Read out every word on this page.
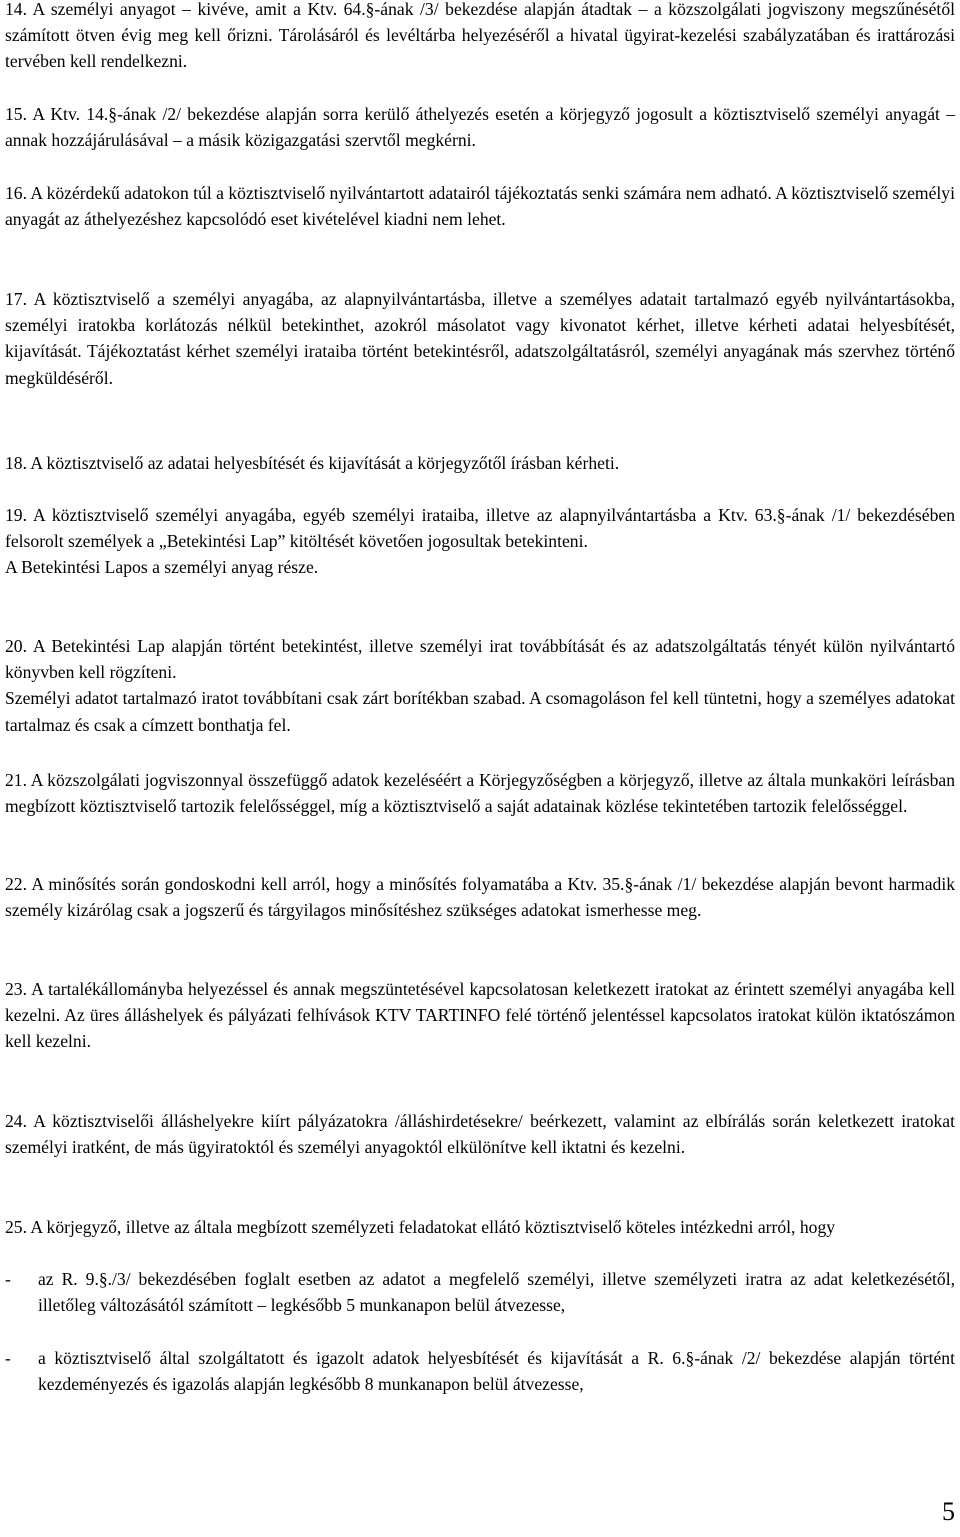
14. A személyi anyagot – kivéve, amit a Ktv. 64.§-ának /3/ bekezdése alapján átadtak – a közszolgálati jogviszony megszűnésétől számított ötven évig meg kell őrizni. Tárolásáról és levéltárba helyezéséről a hivatal ügyirat-kezelési szabályzatában és irattározási tervében kell rendelkezni.

15. A Ktv. 14.§-ának /2/ bekezdése alapján sorra kerülő áthelyezés esetén a körjegyző jogosult a köztisztviselő személyi anyagát – annak hozzájárulásával – a másik közigazgatási szervtől megkérni.

16. A közérdekű adatokon túl a köztisztviselő nyilvántartott adatairól tájékoztatás senki számára nem adható. A köztisztviselő személyi anyagát az áthelyezéshez kapcsolódó eset kivételével kiadni nem lehet.

17. A köztisztviselő a személyi anyagába, az alapnyilvántartásba, illetve a személyes adatait tartalmazó egyéb nyilvántartásokba, személyi iratokba korlátozás nélkül betekinthet, azokról másolatot vagy kivonatot kérhet, illetve kérheti adatai helyesbítését, kijavítását. Tájékoztatást kérhet személyi irataiba történt betekintésről, adatszolgáltatásról, személyi anyagának más szervhez történő megküldéséről.

18. A köztisztviselő az adatai helyesbítését és kijavítását a körjegyzőtől írásban kérheti.

19. A köztisztviselő személyi anyagába, egyéb személyi irataiba, illetve az alapnyilvántartásba a Ktv. 63.§-ának /1/ bekezdésében felsorolt személyek a „Betekintési Lap” kitöltését követően jogosultak betekinteni.

A Betekintési Lapos a személyi anyag része.

20. A Betekintési Lap alapján történt betekintést, illetve személyi irat továbbítását és az adatszolgáltatás tényét külön nyilvántartó könyvben kell rögzíteni.

Személyi adatot tartalmazó iratot továbbítani csak zárt borítékban szabad. A csomagoláson fel kell tüntetni, hogy a személyes adatokat tartalmaz és csak a címzett bonthatja fel.

21. A közszolgálati jogviszonnyal összefüggő adatok kezeléséért a Körjegyzőségben a körjegyző, illetve az általa munkaköri leírásban megbízott köztisztviselő tartozik felelősséggel, míg a köztisztviselő a saját adatainak közlése tekintetében tartozik felelősséggel.

22. A minősítés során gondoskodni kell arról, hogy a minősítés folyamatába a Ktv. 35.§-ának /1/ bekezdése alapján bevont harmadik személy kizárólag csak a jogszerű és tárgyilagos minősítéshez szükséges adatokat ismerhesse meg.

23. A tartalékállományba helyezéssel és annak megszüntetésével kapcsolatosan keletkezett iratokat az érintett személyi anyagába kell kezelni. Az üres álláshelyek és pályázati felhívások KTV TARTINFO felé történő jelentéssel kapcsolatos iratokat külön iktatószámon kell kezelni.

24. A köztisztviselői álláshelyekre kiírt pályázatokra /álláshirdetésekre/ beérkezett, valamint az elbírálás során keletkezett iratokat személyi iratként, de más ügyiratoktól és személyi anyagoktól elkülönítve kell iktatni és kezelni.

25. A körjegyző, illetve az általa megbízott személyzeti feladatokat ellátó köztisztviselő köteles intézkedni arról, hogy

- az R. 9.§./3/ bekezdésében foglalt esetben az adatot a megfelelő személyi, illetve személyzeti iratra az adat keletkezésétől, illetőleg változásától számított – legkésőbb 5 munkanapon belül átvezesse,

- a köztisztviselő által szolgáltatott és igazolt adatok helyesbítését és kijavítását a R. 6.§-ának /2/ bekezdése alapján történt kezdeményezés és igazolás alapján legkésőbb 8 munkanapon belül átvezesse,

5
